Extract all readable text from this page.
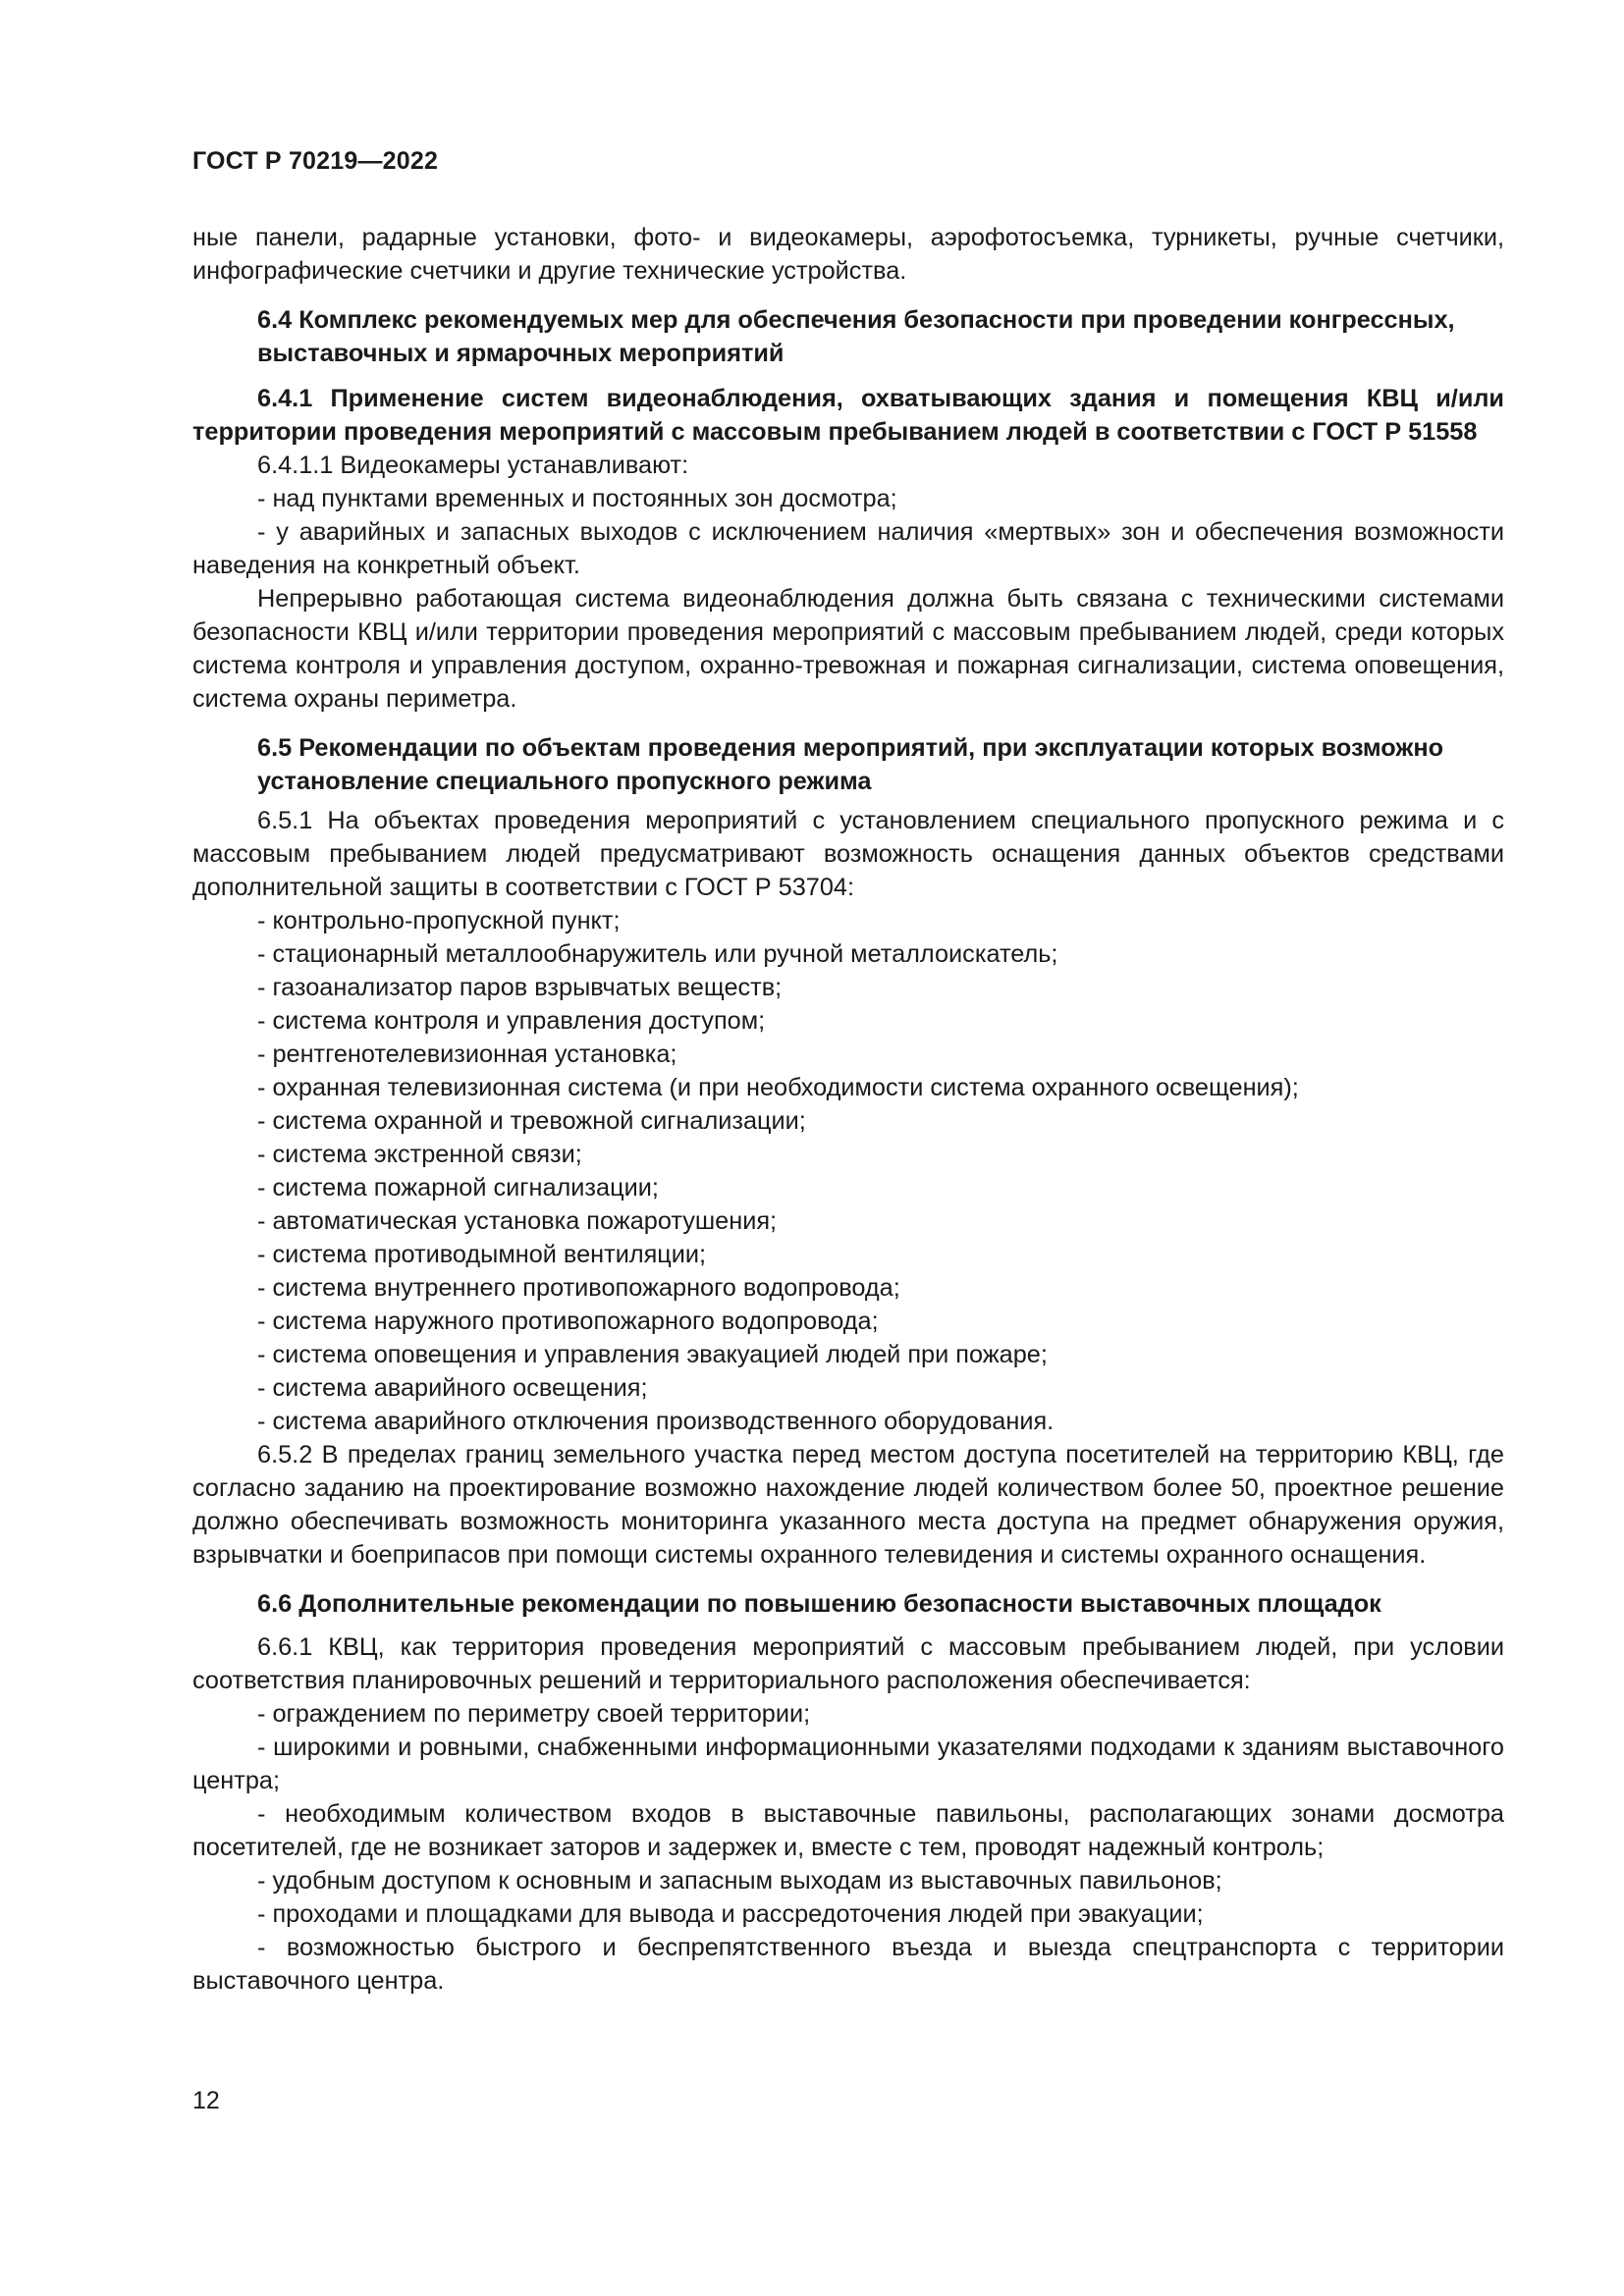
ГОСТ Р 70219—2022

ные панели, радарные установки, фото- и видеокамеры, аэрофотосъемка, турникеты, ручные счетчики, инфографические счетчики и другие технические устройства.

6.4 Комплекс рекомендуемых мер для обеспечения безопасности при проведении конгрессных, выставочных и ярмарочных мероприятий

6.4.1 Применение систем видеонаблюдения, охватывающих здания и помещения КВЦ и/или территории проведения мероприятий с массовым пребыванием людей в соответствии с ГОСТ Р 51558

6.4.1.1 Видеокамеры устанавливают:

- над пунктами временных и постоянных зон досмотра;

- у аварийных и запасных выходов с исключением наличия «мертвых» зон и обеспечения возможности наведения на конкретный объект.

Непрерывно работающая система видеонаблюдения должна быть связана с техническими системами безопасности КВЦ и/или территории проведения мероприятий с массовым пребыванием людей, среди которых система контроля и управления доступом, охранно-тревожная и пожарная сигнализации, система оповещения, система охраны периметра.

6.5 Рекомендации по объектам проведения мероприятий, при эксплуатации которых возможно установление специального пропускного режима

6.5.1 На объектах проведения мероприятий с установлением специального пропускного режима и с массовым пребыванием людей предусматривают возможность оснащения данных объектов средствами дополнительной защиты в соответствии с ГОСТ Р 53704:

- контрольно-пропускной пункт;

- стационарный металлообнаружитель или ручной металлоискатель;

- газоанализатор паров взрывчатых веществ;

- система контроля и управления доступом;

- рентгенотелевизионная установка;

- охранная телевизионная система (и при необходимости система охранного освещения);

- система охранной и тревожной сигнализации;

- система экстренной связи;

- система пожарной сигнализации;

- автоматическая установка пожаротушения;

- система противодымной вентиляции;

- система внутреннего противопожарного водопровода;

- система наружного противопожарного водопровода;

- система оповещения и управления эвакуацией людей при пожаре;

- система аварийного освещения;

- система аварийного отключения производственного оборудования.

6.5.2 В пределах границ земельного участка перед местом доступа посетителей на территорию КВЦ, где согласно заданию на проектирование возможно нахождение людей количеством более 50, проектное решение должно обеспечивать возможность мониторинга указанного места доступа на предмет обнаружения оружия, взрывчатки и боеприпасов при помощи системы охранного телевидения и системы охранного оснащения.

6.6 Дополнительные рекомендации по повышению безопасности выставочных площадок

6.6.1 КВЦ, как территория проведения мероприятий с массовым пребыванием людей, при условии соответствия планировочных решений и территориального расположения обеспечивается:

- ограждением по периметру своей территории;

- широкими и ровными, снабженными информационными указателями подходами к зданиям выставочного центра;

- необходимым количеством входов в выставочные павильоны, располагающих зонами досмотра посетителей, где не возникает заторов и задержек и, вместе с тем, проводят надежный контроль;

- удобным доступом к основным и запасным выходам из выставочных павильонов;

- проходами и площадками для вывода и рассредоточения людей при эвакуации;

- возможностью быстрого и беспрепятственного въезда и выезда спецтранспорта с территории выставочного центра.

12
